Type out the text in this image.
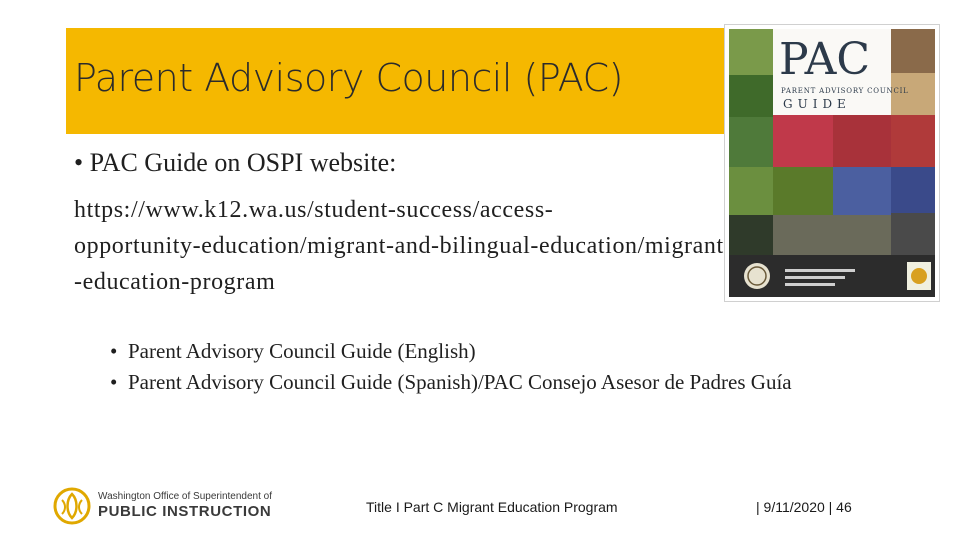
Parent Advisory Council (PAC)	PAC
PARENT ADVISORY COUNCIL
GUIDE
• PAC Guide on OSPI website:
https://www.k12.wa.us/student-success/access-
opportunity-education/migrant-and-bilingual-education/migrant
-education-program
• Parent Advisory Council Guide (English)
• Parent Advisory Council Guide (Spanish)/PAC Consejo Asesor de Padres Guía
Washington Office of Superintendent of
PUBLIC INSTRUCTION	Title I Part C Migrant Education Program	| 9/11/2020 | 46
